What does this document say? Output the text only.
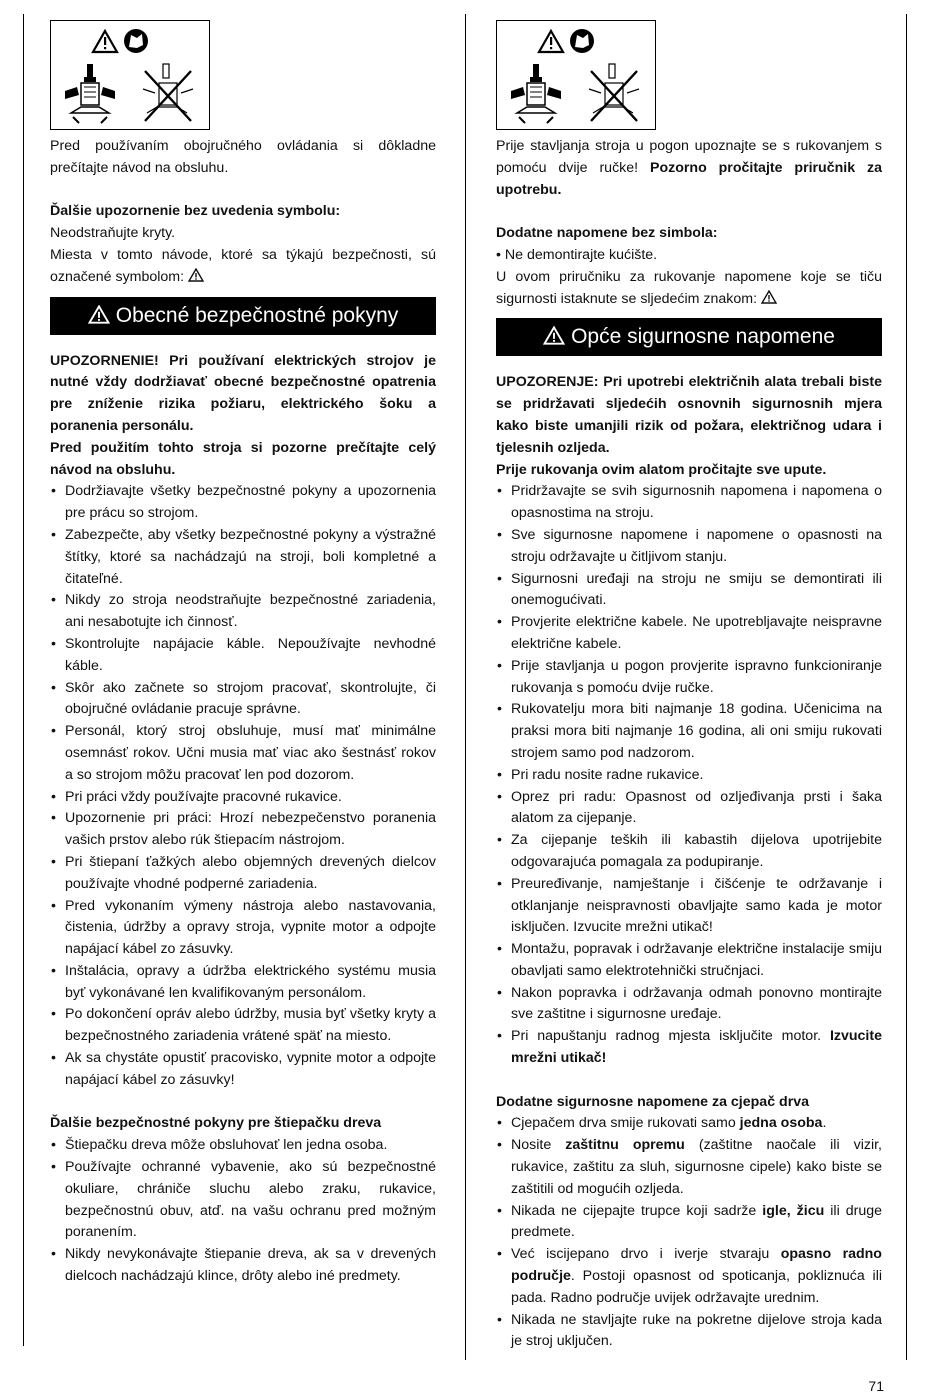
Pred používaním obojručného ovládania si dôkladne prečítajte návod na obsluhu.

Ďalšie upozornenie bez uvedenia symbolu:

Neodstraňujte kryty.

Miesta v tomto návode, ktoré sa týkajú bezpečnosti, sú označené symbolom:

Obecné bezpečnostné pokyny

UPOZORNENIE! Pri používaní elektrických strojov je nutné vždy dodržiavať obecné bezpečnostné opatrenia pre zníženie rizika požiaru, elektrického šoku a poranenia personálu.

Pred použitím tohto stroja si pozorne prečítajte celý návod na obsluhu.

• Dodržiavajte všetky bezpečnostné pokyny a upozornenia pre prácu so strojom.
• Zabezpečte, aby všetky bezpečnostné pokyny a výstražné štítky, ktoré sa nachádzajú na stroji, boli kompletné a čitateľné.
• Nikdy zo stroja neodstraňujte bezpečnostné zariadenia, ani nesabotujte ich činnosť.
• Skontrolujte napájacie káble. Nepoužívajte nevhodné káble.
• Skôr ako začnete so strojom pracovať, skontrolujte, či obojručné ovládanie pracuje správne.
• Personál, ktorý stroj obsluhuje, musí mať minimálne osemnásť rokov. Učni musia mať viac ako šestnásť rokov a so strojom môžu pracovať len pod dozorom.
• Pri práci vždy používajte pracovné rukavice.
• Upozornenie pri práci: Hrozí nebezpečenstvo poranenia vašich prstov alebo rúk štiepacím nástrojom.
• Pri štiepaní ťažkých alebo objemných drevených dielcov používajte vhodné podperné zariadenia.
• Pred vykonaním výmeny nástroja alebo nastavovania, čistenia, údržby a opravy stroja, vypnite motor a odpojte napájací kábel zo zásuvky.
• Inštalácia, opravy a údržba elektrického systému musia byť vykonávané len kvalifikovaným personálom.
• Po dokončení opráv alebo údržby, musia byť všetky kryty a bezpečnostného zariadenia vrátené späť na miesto.
• Ak sa chystáte opustiť pracovisko, vypnite motor a odpojte napájací kábel zo zásuvky!

Ďalšie bezpečnostné pokyny pre štiepačku dreva

• Štiepačku dreva môže obsluhovať len jedna osoba.
• Používajte ochranné vybavenie, ako sú bezpečnostné okuliare, chrániče sluchu alebo zraku, rukavice, bezpečnostnú obuv, atď. na vašu ochranu pred možným poranením.
• Nikdy nevykonávajte štiepanie dreva, ak sa v drevených dielcoch nachádzajú klince, drôty alebo iné predmety.

Prije stavljanja stroja u pogon upoznajte se s rukovanjem s pomoću dvije ručke! Pozorno pročitajte priručnik za upotrebu.

Dodatne napomene bez simbola:

• Ne demontirajte kućište.

U ovom priručniku za rukovanje napomene koje se tiču sigurnosti istaknute se sljedećim znakom:

Opće sigurnosne napomene

UPOZORENJE: Pri upotrebi električnih alata trebali biste se pridržavati sljedećih osnovnih sigurnosnih mjera kako biste umanjili rizik od požara, električnog udara i tjelesnih ozljeda.

Prije rukovanja ovim alatom pročitajte sve upute.

• Pridržavajte se svih sigurnosnih napomena i napomena o opasnostima na stroju.
• Sve sigurnosne napomene i napomene o opasnosti na stroju održavajte u čitljivom stanju.
• Sigurnosni uređaji na stroju ne smiju se demontirati ili onemogućivati.
• Provjerite električne kabele. Ne upotrebljavajte neispravne električne kabele.
• Prije stavljanja u pogon provjerite ispravno funkcioniranje rukovanja s pomoću dvije ručke.
• Rukovatelju mora biti najmanje 18 godina. Učenicima na praksi mora biti najmanje 16 godina, ali oni smiju rukovati strojem samo pod nadzorom.
• Pri radu nosite radne rukavice.
• Oprez pri radu: Opasnost od ozljeđivanja prsti i šaka alatom za cijepanje.
• Za cijepanje teških ili kabastih dijelova upotrijebite odgovarajuća pomagala za podupiranje.
• Preuređivanje, namještanje i čišćenje te održavanje i otklanjanje neispravnosti obavljajte samo kada je motor isključen. Izvucite mrežni utikač!
• Montažu, popravak i održavanje električne instalacije smiju obavljati samo elektrotehnički stručnjaci.
• Nakon popravka i održavanja odmah ponovno montirajte sve zaštitne i sigurnosne uređaje.
• Pri napuštanju radnog mjesta isključite motor. Izvucite mrežni utikač!

Dodatne sigurnosne napomene za cjepač drva

• Cjepačem drva smije rukovati samo jedna osoba.
• Nosite zaštitnu opremu (zaštitne naočale ili vizir, rukavice, zaštitu za sluh, sigurnosne cipele) kako biste se zaštitili od mogućih ozljeda.
• Nikada ne cijepajte trupce koji sadrže igle, žicu ili druge predmete.
• Već iscijepano drvo i iverje stvaraju opasno radno područje. Postoji opasnost od spoticanja, pokliznuća ili pada. Radno područje uvijek održavajte urednim.
• Nikada ne stavljajte ruke na pokretne dijelove stroja kada je stroj uključen.
71
